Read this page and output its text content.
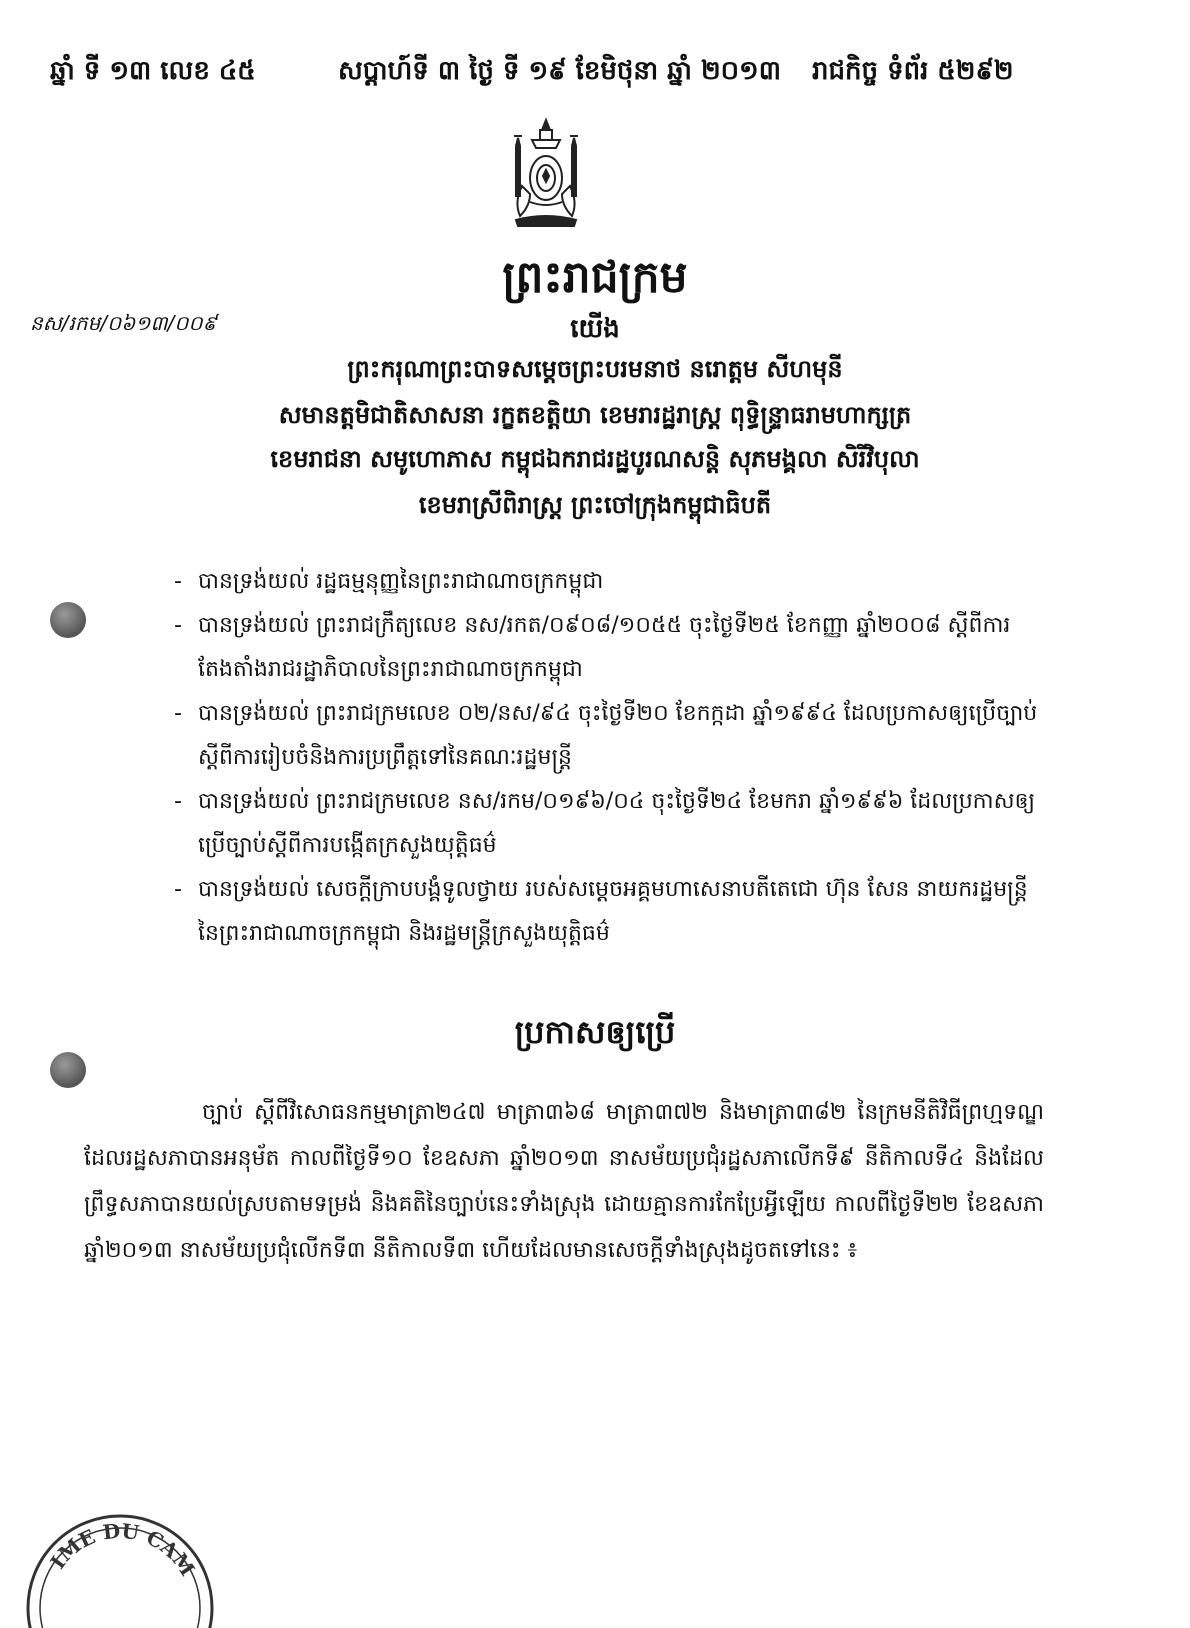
ឆ្នាំ ទី ១៣ លេខ ៤៥	សប្តាហ៍ទី ៣ ថ្ងៃ ទី ១៩ ខែមិថុនា ឆ្នាំ ២០១៣ រាជកិច្ច ទំព័រ ៥២៩២
ព្រះរាជក្រម
នស/រកម/០៦១៣/០០៩	យើង
ព្រះករុណាព្រះបាទសម្តេចព្រះបរមនាថ នរោត្តម សីហមុនី
សមានត្តមិជាតិសាសនា រក្ខតខត្តិយា ខេមរារដ្ឋរាស្ត្រ ពុទ្ធិន្ទ្រាធរាមហាក្សត្រ
ខេមរាជនា សមូហោភាស កម្ពុជឯករាជរដ្ឋបូរណសន្តិ សុភមង្គលា សិរីវិបុលា
ខេមរាស្រីពិរាស្ត្រ ព្រះចៅក្រុងកម្ពុជាធិបតី
- បានទ្រង់យល់ រដ្ឋធម្មនុញ្ញនៃព្រះរាជាណាចក្រកម្ពុជា
- បានទ្រង់យល់ ព្រះរាជក្រឹត្យលេខ នស/រកត/០៩០៨/១០៥៥ ចុះថ្ងៃទី២៥ ខែកញ្ញា ឆ្នាំ២០០៨ ស្តីពីការតែងតាំងរាជរដ្ឋាភិបាលនៃព្រះរាជាណាចក្រកម្ពុជា
- បានទ្រង់យល់ ព្រះរាជក្រមលេខ ០២/នស/៩៤ ចុះថ្ងៃទី២០ ខែកក្កដា ឆ្នាំ១៩៩៤ ដែលប្រកាសឲ្យប្រើច្បាប់ស្តីពីការរៀបចំនិងការប្រព្រឹត្តទៅនៃគណៈរដ្ឋមន្ត្រី
- បានទ្រង់យល់ ព្រះរាជក្រមលេខ នស/រកម/០១៩៦/០៤ ចុះថ្ងៃទី២៤ ខែមករា ឆ្នាំ១៩៩៦ ដែលប្រកាសឲ្យប្រើច្បាប់ស្តីពីការបង្កើតក្រសួងយុត្តិធម៌
- បានទ្រង់យល់ សេចក្តីក្រាបបង្គំទូលថ្វាយ របស់សម្តេចអគ្គមហាសេនាបតីតេជោ ហ៊ុន សែន នាយករដ្ឋមន្ត្រី នៃព្រះរាជាណាចក្រកម្ពុជា និងរដ្ឋមន្ត្រីក្រសួងយុត្តិធម៌
ប្រកាសឲ្យប្រើ
ច្បាប់ ស្តីពីវិសោធនកម្មមាត្រា២៤៧ មាត្រា៣៦៨ មាត្រា៣៧២ និងមាត្រា៣៨២ នៃក្រមនីតិវិធីព្រហ្មទណ្ឌ ដែលរដ្ឋសភាបានអនុម័ត កាលពីថ្ងៃទី១០ ខែឧសភា ឆ្នាំ២០១៣ នាសម័យប្រជុំរដ្ឋសភាលើកទី៩ នីតិកាលទី៤ និងដែលព្រឹទ្ធសភាបានយល់ស្របតាមទម្រង់ និងគតិនៃច្បាប់នេះទាំងស្រុង ដោយគ្មានការកែប្រែអ្វីឡើយ កាលពីថ្ងៃទី២២ ខែឧសភា ឆ្នាំ២០១៣ នាសម័យប្រជុំលើកទី៣ នីតិកាលទី៣ ហើយដែលមានសេចក្តីទាំងស្រុងដូចតទៅនេះ ៖
IME DU CAM
